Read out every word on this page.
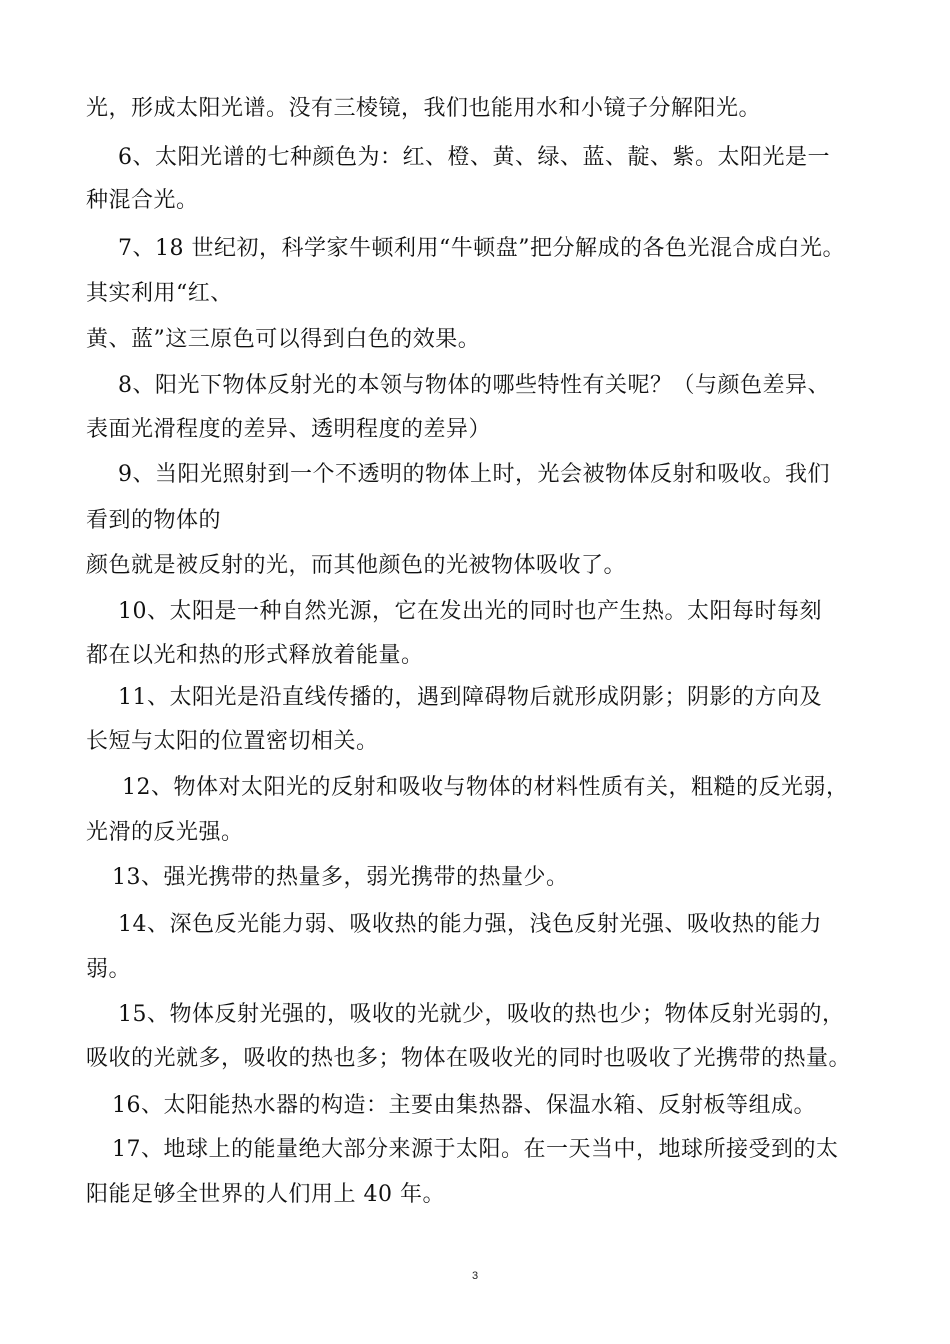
光，形成太阳光谱。没有三棱镜，我们也能用水和小镜子分解阳光。
6、太阳光谱的七种颜色为：红、橙、黄、绿、蓝、靛、紫。太阳光是一
种混合光。
7、18 世纪初，科学家牛顿利用“牛顿盘”把分解成的各色光混合成白光。
其实利用“红、
黄、蓝”这三原色可以得到白色的效果。
8、阳光下物体反射光的本领与物体的哪些特性有关呢？（与颜色差异、
表面光滑程度的差异、透明程度的差异）
9、当阳光照射到一个不透明的物体上时，光会被物体反射和吸收。我们
看到的物体的
颜色就是被反射的光，而其他颜色的光被物体吸收了。
10、太阳是一种自然光源，它在发出光的同时也产生热。太阳每时每刻
都在以光和热的形式释放着能量。
11、太阳光是沿直线传播的，遇到障碍物后就形成阴影；阴影的方向及
长短与太阳的位置密切相关。
12、物体对太阳光的反射和吸收与物体的材料性质有关，粗糙的反光弱，
光滑的反光强。
13、强光携带的热量多，弱光携带的热量少。
14、深色反光能力弱、吸收热的能力强，浅色反射光强、吸收热的能力
弱。
15、物体反射光强的，吸收的光就少，吸收的热也少；物体反射光弱的，
吸收的光就多，吸收的热也多；物体在吸收光的同时也吸收了光携带的热量。
16、太阳能热水器的构造：主要由集热器、保温水箱、反射板等组成。
17、地球上的能量绝大部分来源于太阳。在一天当中，地球所接受到的太
阳能足够全世界的人们用上 40 年。
3
